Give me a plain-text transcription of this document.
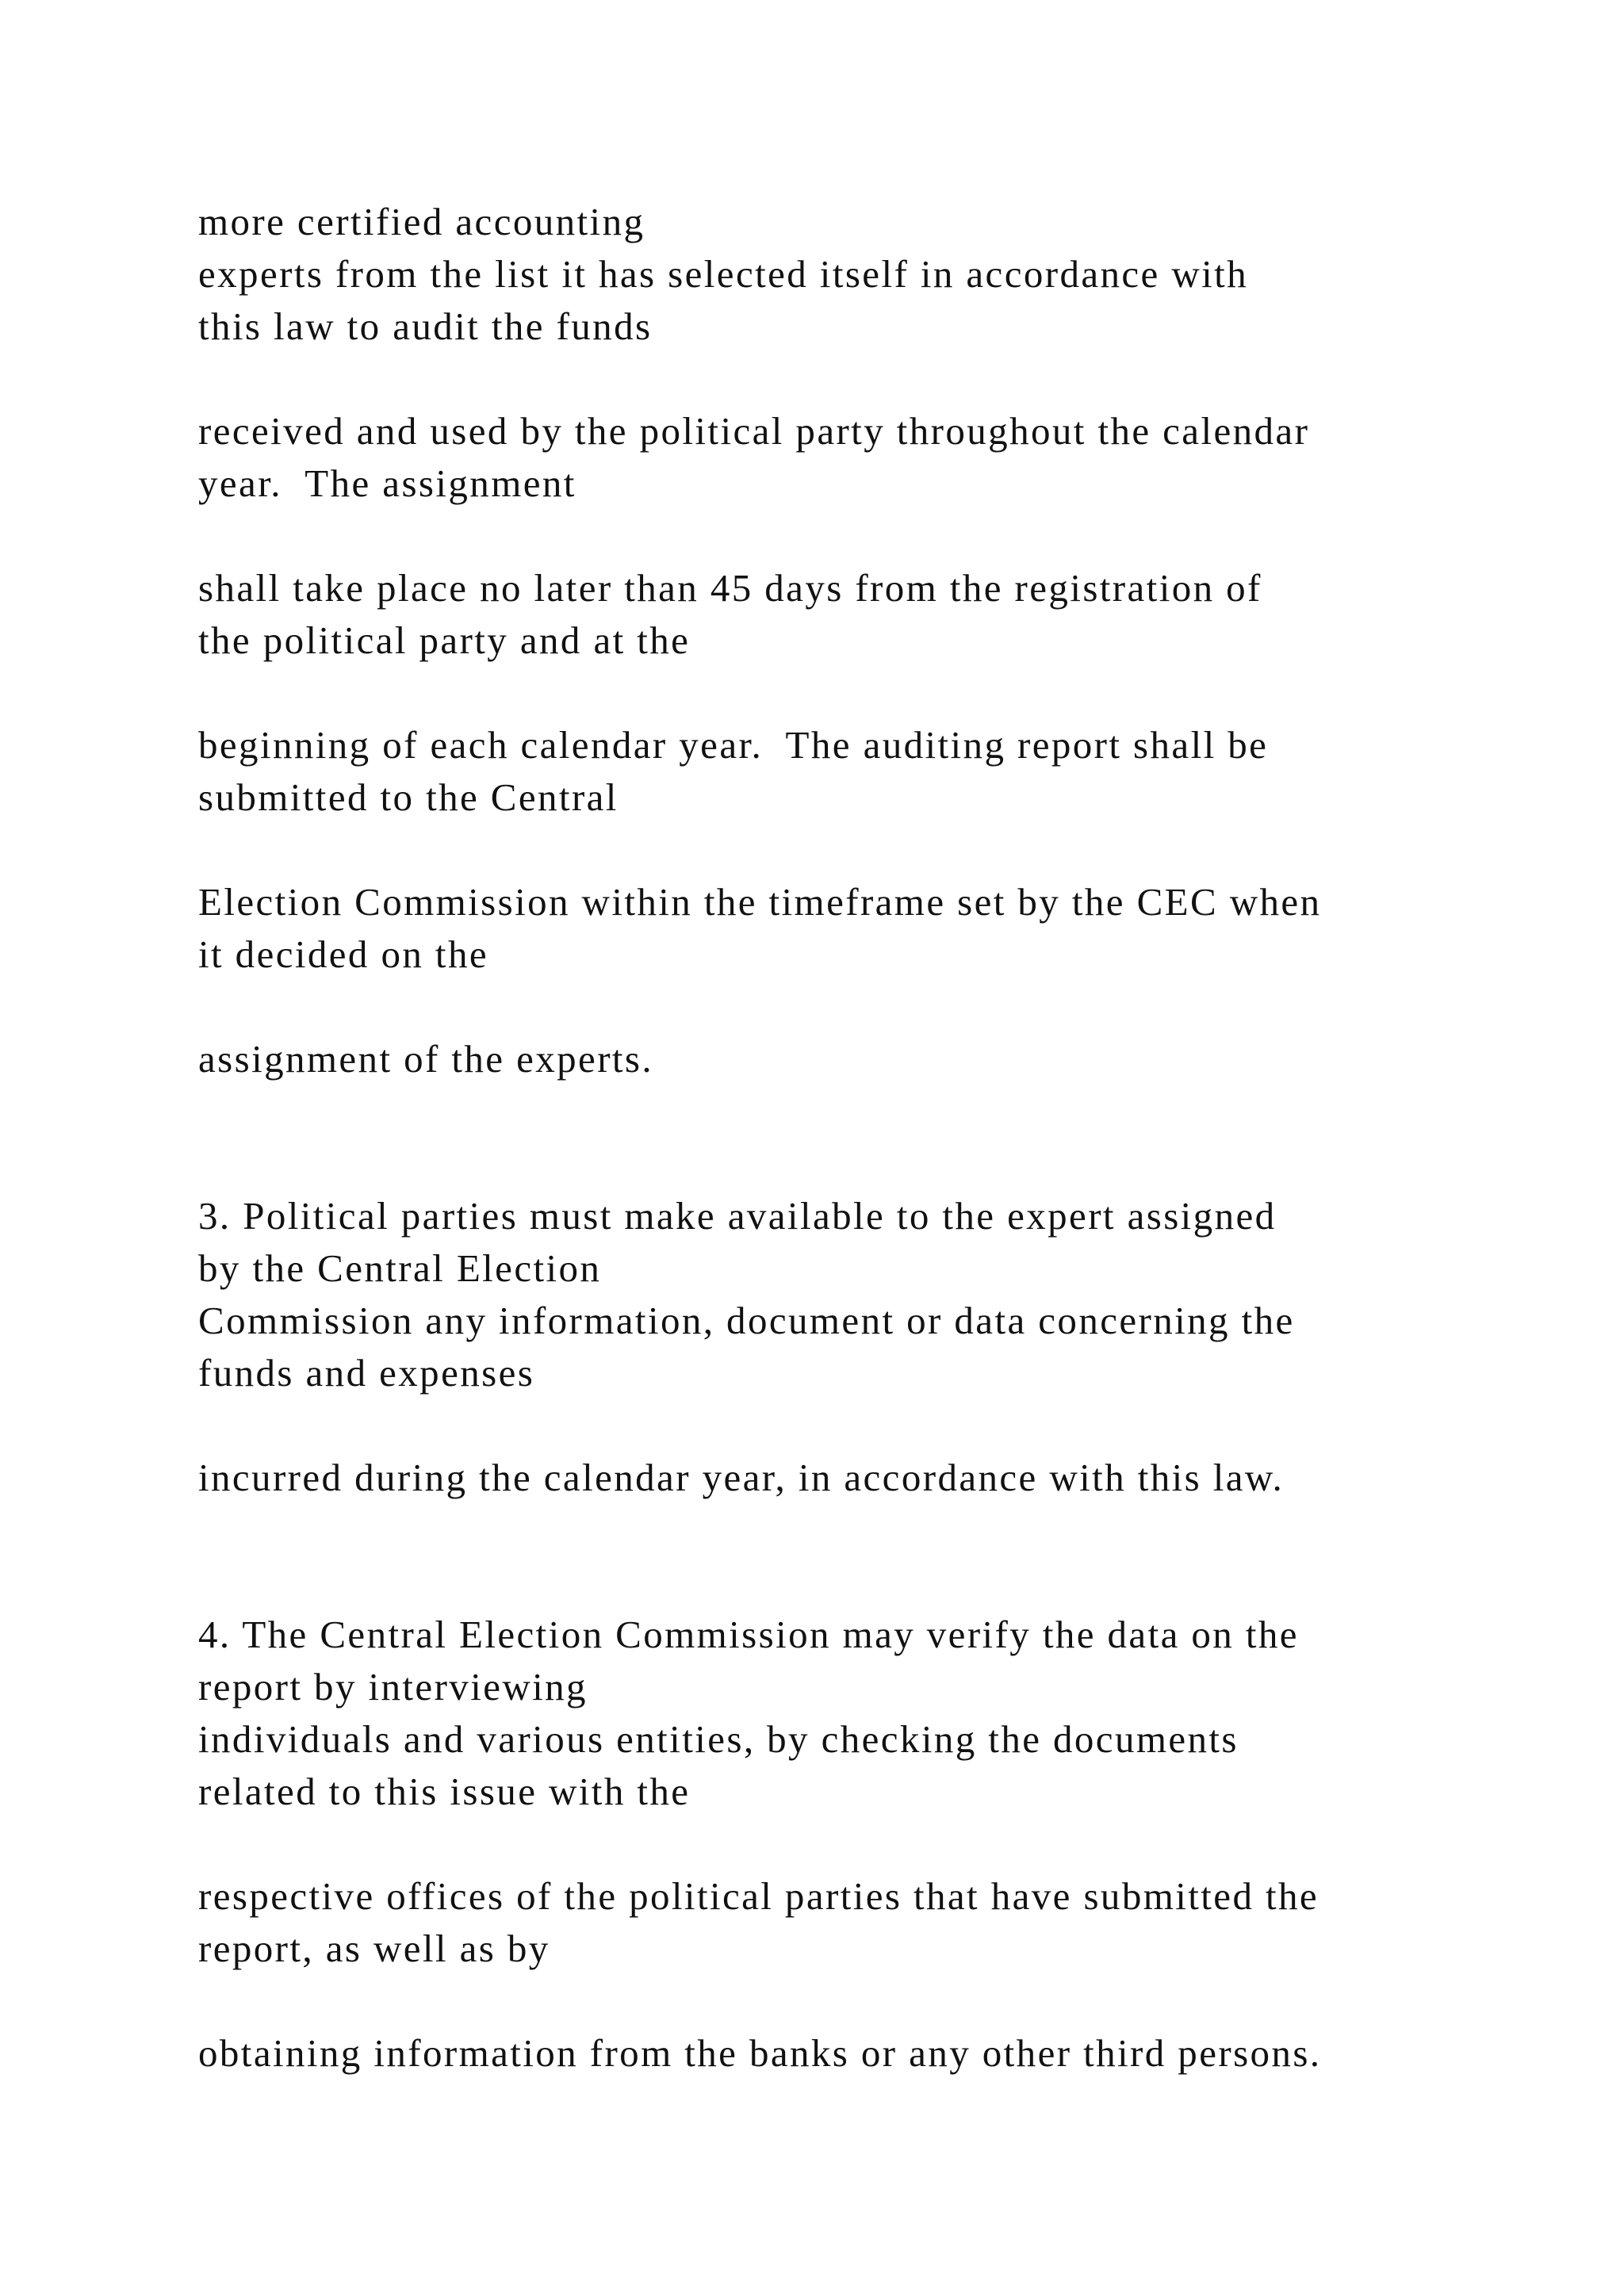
more certified accounting

experts from the list it has selected itself in accordance with

this law to audit the funds

received and used by the political party throughout the calendar

year.  The assignment

shall take place no later than 45 days from the registration of

the political party and at the

beginning of each calendar year.  The auditing report shall be

submitted to the Central

Election Commission within the timeframe set by the CEC when

it decided on the

assignment of the experts.

3. Political parties must make available to the expert assigned

by the Central Election

Commission any information, document or data concerning the

funds and expenses

incurred during the calendar year, in accordance with this law.

4. The Central Election Commission may verify the data on the

report by interviewing

individuals and various entities, by checking the documents

related to this issue with the

respective offices of the political parties that have submitted the

report, as well as by

obtaining information from the banks or any other third persons.
